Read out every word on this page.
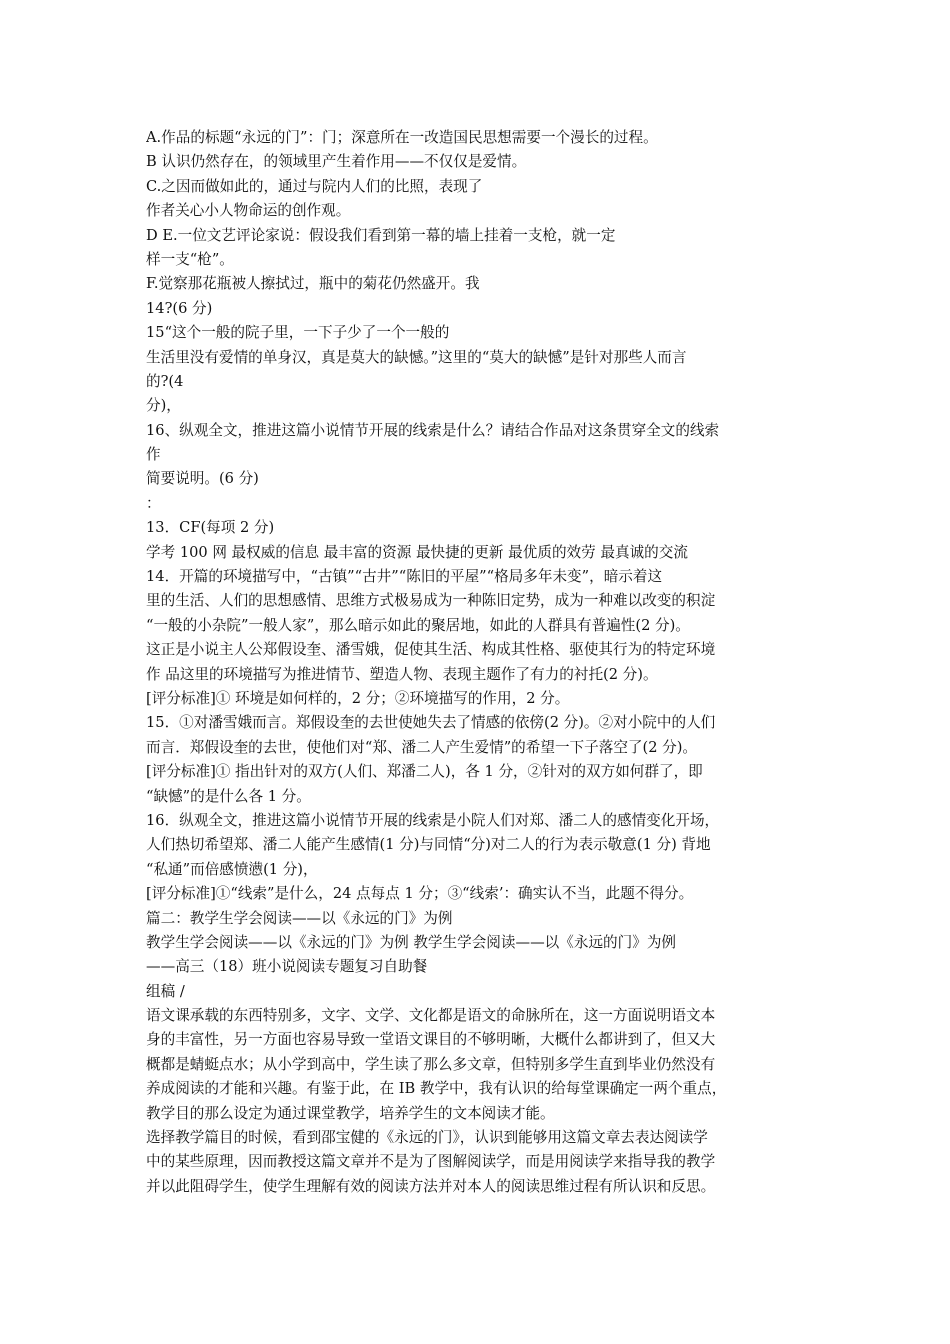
A.作品的标题“永远的门”：门；深意所在一改造国民思想需要一个漫长的过程。
B 认识仍然存在，的领域里产生着作用——不仅仅是爱情。
C.之因而做如此的，通过与院内人们的比照，表现了
作者关心小人物命运的创作观。
D E.一位文艺评论家说：假设我们看到第一幕的墙上挂着一支枪，就一定
样一支“枪”。
F.觉察那花瓶被人擦拭过，瓶中的菊花仍然盛开。我
14?(6 分)
15“这个一般的院子里，一下子少了一个一般的
生活里没有爱情的单身汉，真是莫大的缺憾。”这里的“莫大的缺憾”是针对那些人而言
的?(4
分)，
16、纵观全文，推进这篇小说情节开展的线索是什么？请结合作品对这条贯穿全文的线索
作
简要说明。(6 分)
：
13．CF(每项 2 分)
学考 100 网 最权威的信息 最丰富的资源 最快捷的更新 最优质的效劳 最真诚的交流
14．开篇的环境描写中，“古镇”“古井”“陈旧的平屋”“格局多年未变”，暗示着这
里的生活、人们的思想感情、思维方式极易成为一种陈旧定势，成为一种难以改变的积淀
“一般的小杂院”一般人家”，那么暗示如此的聚居地，如此的人群具有普遍性(2 分)。
这正是小说主人公郑假设奎、潘雪娥，促使其生活、构成其性格、驱使其行为的特定环境
作 品这里的环境描写为推进情节、塑造人物、表现主题作了有力的衬托(2 分)。
[评分标准]① 环境是如何样的，2 分；②环境描写的作用，2 分。
15．①对潘雪娥而言。郑假设奎的去世使她失去了情感的依傍(2 分)。②对小院中的人们
而言．郑假设奎的去世，使他们对“郑、潘二人产生爱情”的希望一下子落空了(2 分)。
[评分标准]① 指出针对的双方(人们、郑潘二人)，各 1 分，②针对的双方如何群了，即
“缺憾”的是什么各 1 分。
16．纵观全文，推进这篇小说情节开展的线索是小院人们对郑、潘二人的感情变化开场，
人们热切希望郑、潘二人能产生感情(1 分)与同情“分)对二人的行为表示敬意(1 分) 背地
“私通”而倍感愤懑(1 分)，
[评分标准]①“线索”是什么，24 点每点 1 分；③“线索’：确实认不当，此题不得分。
篇二：教学生学会阅读——以《永远的门》为例
教学生学会阅读——以《永远的门》为例 教学生学会阅读——以《永远的门》为例
——高三（18）班小说阅读专题复习自助餐
组稿 /
语文课承载的东西特别多，文字、文学、文化都是语文的命脉所在，这一方面说明语文本
身的丰富性，另一方面也容易导致一堂语文课目的不够明晰，大概什么都讲到了，但又大
概都是蜻蜓点水；从小学到高中，学生读了那么多文章，但特别多学生直到毕业仍然没有
养成阅读的才能和兴趣。有鉴于此，在 IB 教学中，我有认识的给每堂课确定一两个重点，
教学目的那么设定为通过课堂教学，培养学生的文本阅读才能。
选择教学篇目的时候，看到邵宝健的《永远的门》，认识到能够用这篇文章去表达阅读学
中的某些原理，因而教授这篇文章并不是为了图解阅读学，而是用阅读学来指导我的教学
并以此阻碍学生，使学生理解有效的阅读方法并对本人的阅读思维过程有所认识和反思。
